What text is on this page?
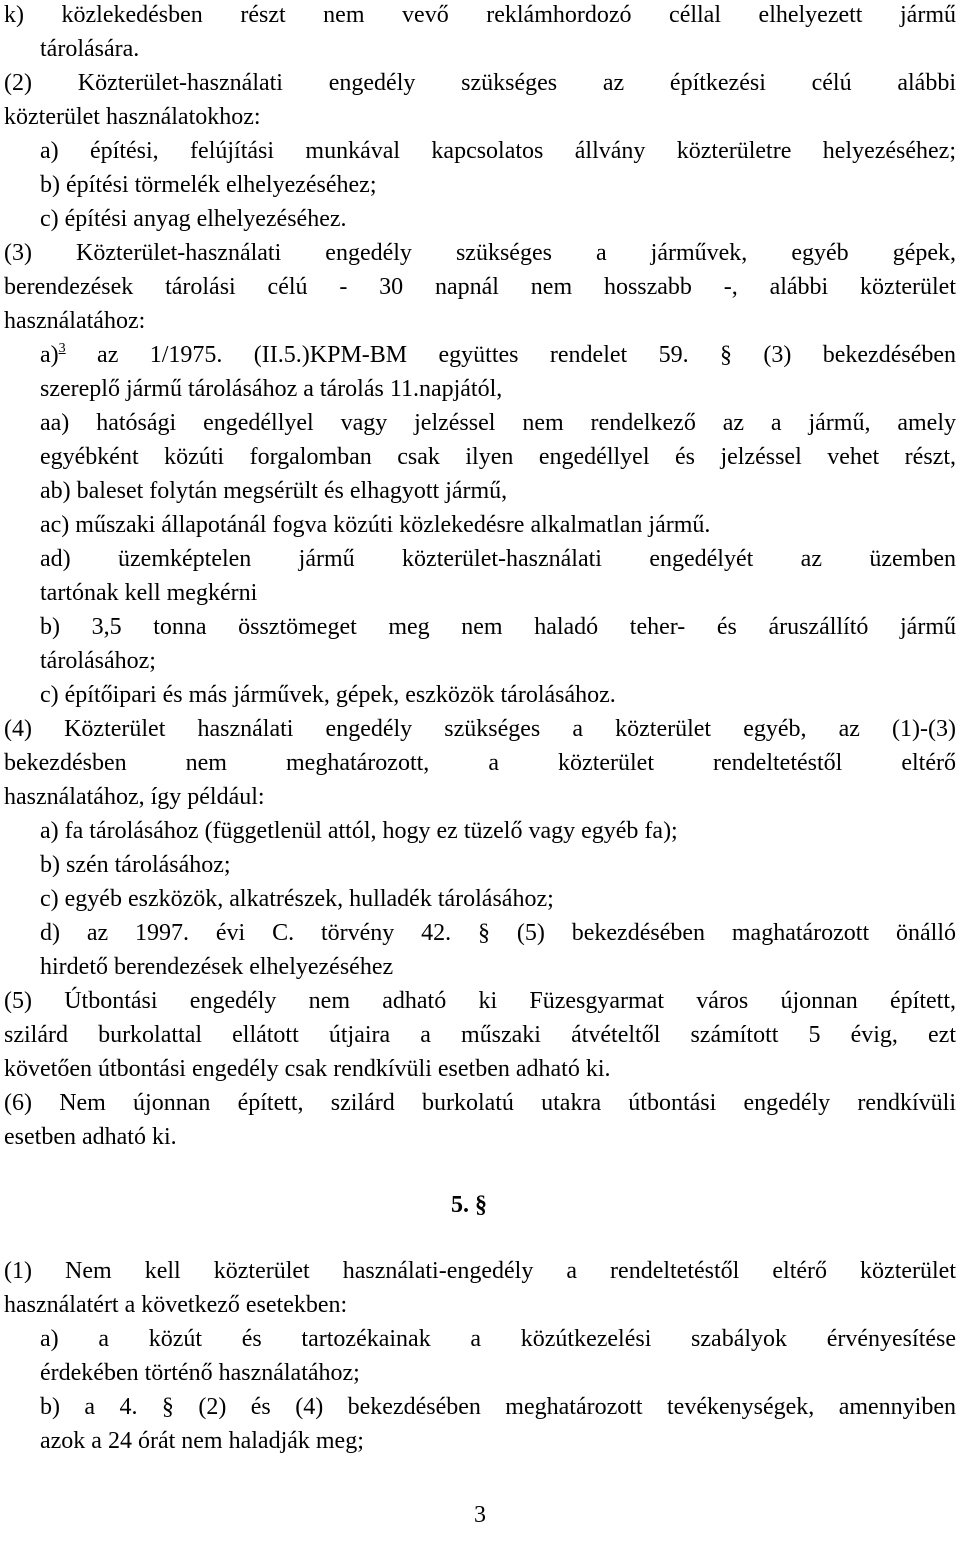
k) közlekedésben részt nem vevő reklámhordozó céllal elhelyezett jármű
tárolására.
(2) Közterület-használati engedély szükséges az építkezési célú alábbi
közterület használatokhoz:
a) építési, felújítási munkával kapcsolatos állvány közterületre helyezéséhez;
b) építési törmelék elhelyezéséhez;
c) építési anyag elhelyezéséhez.
(3) Közterület-használati engedély szükséges a járművek, egyéb gépek,
berendezések tárolási célú - 30 napnál nem hosszabb -, alábbi közterület
használatához:
a)$^3$ az 1/1975. (II.5.)KPM-BM együttes rendelet 59. § (3) bekezdésében
szereplő jármű tárolásához a tárolás 11.napjától,
aa) hatósági engedéllyel vagy jelzéssel nem rendelkező az a jármű, amely
egyébként közúti forgalomban csak ilyen engedéllyel és jelzéssel vehet részt,
ab) baleset folytán megsérült és elhagyott jármű,
ac) műszaki állapotánál fogva közúti közlekedésre alkalmatlan jármű.
ad) üzemképtelen jármű közterület-használati engedélyét az üzemben
tartónak kell megkérni
b) 3,5 tonna össztömeget meg nem haladó teher- és áruszállító jármű
tárolásához;
c) építőipari és más járművek, gépek, eszközök tárolásához.
(4) Közterület használati engedély szükséges a közterület egyéb, az (1)-(3)
bekezdésben nem meghatározott, a közterület rendeltetéstől eltérő
használatához, így például:
a) fa tárolásához (függetlenül attól, hogy ez tüzelő vagy egyéb fa);
b) szén tárolásához;
c) egyéb eszközök, alkatrészek, hulladék tárolásához;
d) az 1997. évi C. törvény 42. § (5) bekezdésében maghatározott önálló
hirdető berendezések elhelyezéséhez
(5) Útbontási engedély nem adható ki Füzesgyarmat város újonnan épített,
szilárd burkolattal ellátott útjaira a műszaki átvételtől számított 5 évig, ezt
követően útbontási engedély csak rendkívüli esetben adható ki.
(6) Nem újonnan épített, szilárd burkolatú utakra útbontási engedély rendkívüli
esetben adható ki.
5. §
(1) Nem kell közterület használati-engedély a rendeltetéstől eltérő közterület
használatért a következő esetekben:
a) a közút és tartozékainak a közútkezelési szabályok érvényesítése
érdekében történő használatához;
b) a 4. § (2) és (4) bekezdésében meghatározott tevékenységek, amennyiben
azok a 24 órát nem haladják meg;
3
